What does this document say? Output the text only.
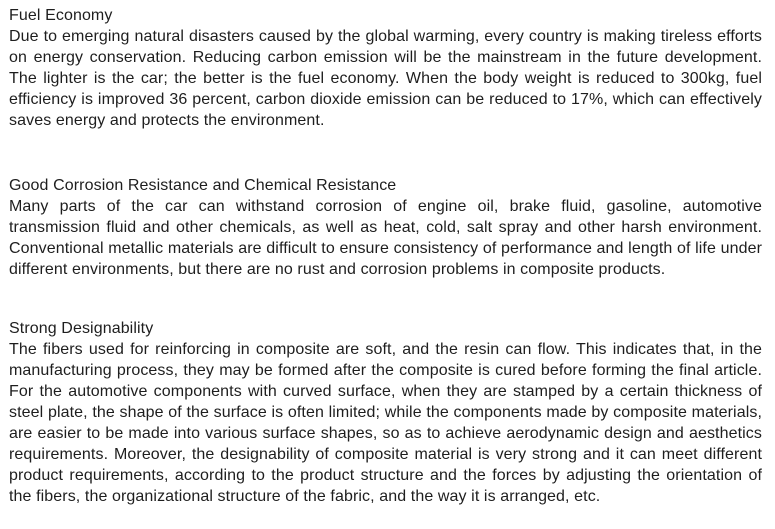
Fuel Economy

Due to emerging natural disasters caused by the global warming, every country is making tireless efforts on energy conservation. Reducing carbon emission will be the mainstream in the future development. The lighter is the car; the better is the fuel economy. When the body weight is reduced to 300kg, fuel efficiency is improved 36 percent, carbon dioxide emission can be reduced to 17%, which can effectively saves energy and protects the environment.

Good Corrosion Resistance and Chemical Resistance

Many parts of the car can withstand corrosion of engine oil, brake fluid, gasoline, automotive transmission fluid and other chemicals, as well as heat, cold, salt spray and other harsh environment. Conventional metallic materials are difficult to ensure consistency of performance and length of life under different environments, but there are no rust and corrosion problems in composite products.

Strong Designability

The fibers used for reinforcing in composite are soft, and the resin can flow. This indicates that, in the manufacturing process, they may be formed after the composite is cured before forming the final article. For the automotive components with curved surface, when they are stamped by a certain thickness of steel plate, the shape of the surface is often limited; while the components made by composite materials, are easier to be made into various surface shapes, so as to achieve aerodynamic design and aesthetics requirements. Moreover, the designability of composite material is very strong and it can meet different product requirements, according to the product structure and the forces by adjusting the orientation of the fibers, the organizational structure of the fabric, and the way it is arranged, etc.
